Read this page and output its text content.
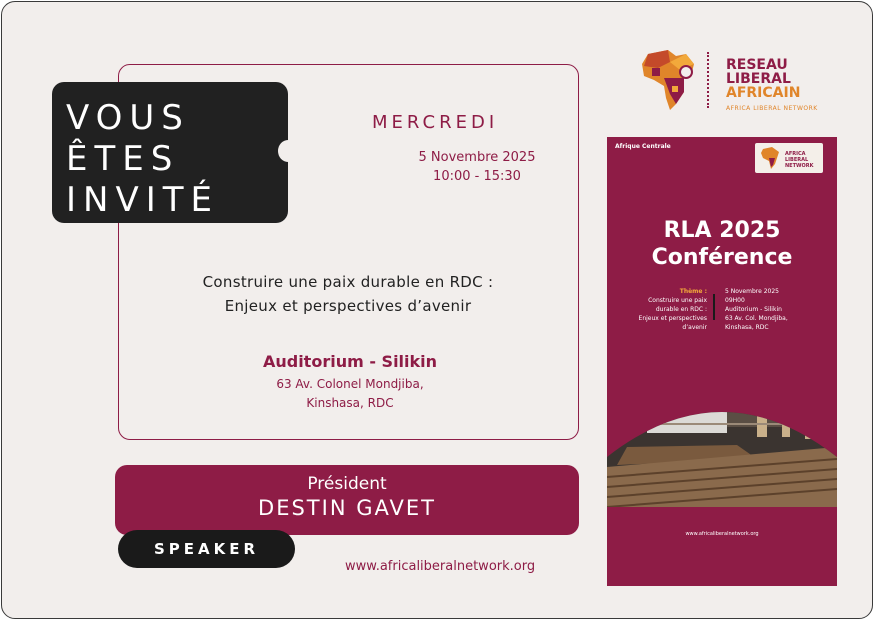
VOUS
ÊTES
INVITÉ
MERCREDI
5 Novembre 2025
10:00 - 15:30
Construire une paix durable en RDC :
Enjeux et perspectives d’avenir
Auditorium - Silikin
63 Av. Colonel Mondjiba,
Kinshasa, RDC
Président
DESTIN GAVET
SPEAKER
www.africaliberalnetwork.org
RESEAU
LIBERAL
AFRICAIN
AFRICA LIBERAL NETWORK
Afrique Centrale
AFRICA
LIBERAL
NETWORK
RLA 2025
Conférence
Thème :
Construire une paix
durable en RDC :
Enjeux et perspectives
d’avenir
5 Novembre 2025
09H00
Auditorium - Silikin
63 Av. Col. Mondjiba,
Kinshasa, RDC
www.africaliberalnetwork.org
